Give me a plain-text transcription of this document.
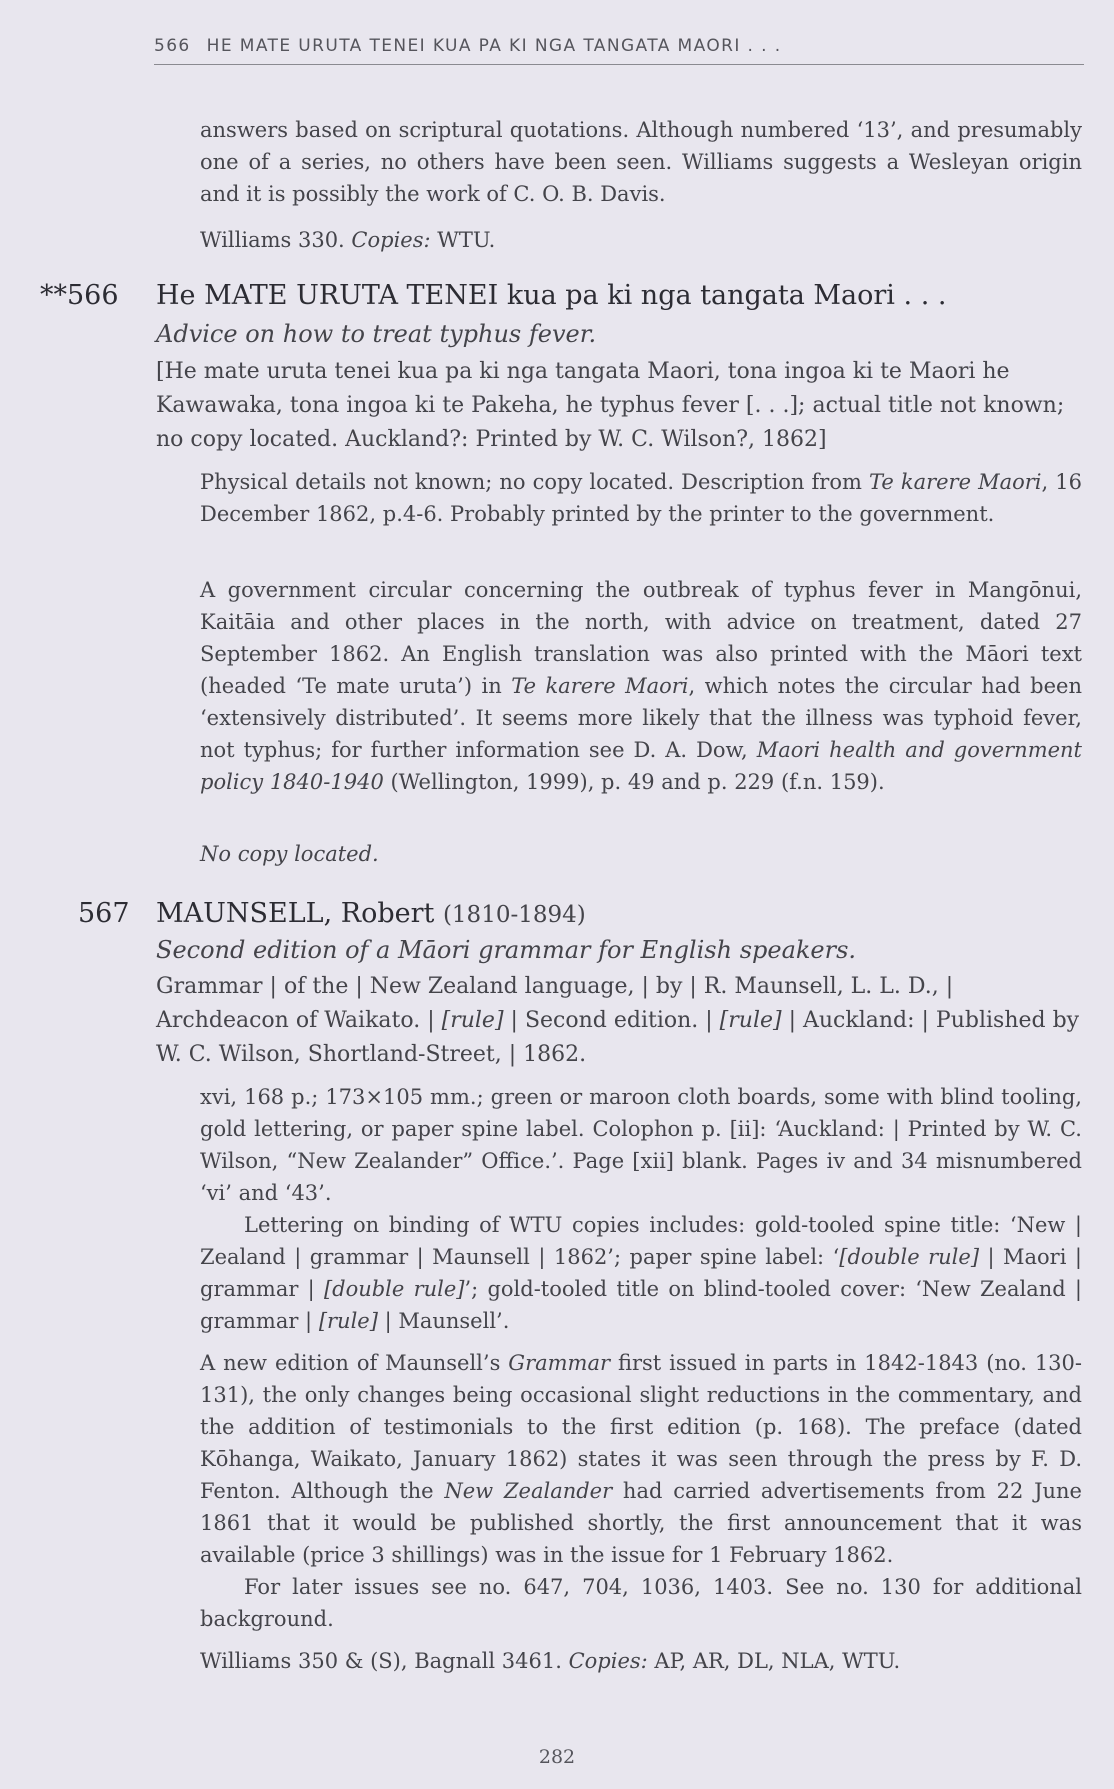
566 HE MATE URUTA TENEI KUA PA KI NGA TANGATA MAORI . . .
answers based on scriptural quotations. Although numbered ‘13’, and presumably one of a series, no others have been seen. Williams suggests a Wesleyan origin and it is possibly the work of C. O. B. Davis.
Williams 330. Copies: WTU.
**566 He MATE URUTA TENEI kua pa ki nga tangata Maori . . .
Advice on how to treat typhus fever.
[He mate uruta tenei kua pa ki nga tangata Maori, tona ingoa ki te Maori he Kawawaka, tona ingoa ki te Pakeha, he typhus fever [. . .]; actual title not known; no copy located. Auckland?: Printed by W. C. Wilson?, 1862]
Physical details not known; no copy located. Description from Te karere Maori, 16 December 1862, p.4-6. Probably printed by the printer to the government.
A government circular concerning the outbreak of typhus fever in Mangōnui, Kaitāia and other places in the north, with advice on treatment, dated 27 September 1862. An English translation was also printed with the Māori text (headed ‘Te mate uruta’) in Te karere Maori, which notes the circular had been ‘extensively distributed’. It seems more likely that the illness was typhoid fever, not typhus; for further information see D. A. Dow, Maori health and government policy 1840-1940 (Wellington, 1999), p. 49 and p. 229 (f.n. 159).
No copy located.
567 MAUNSELL, Robert (1810-1894)
Second edition of a Māori grammar for English speakers.
Grammar | of the | New Zealand language, | by | R. Maunsell, L. L. D., | Archdeacon of Waikato. | [rule] | Second edition. | [rule] | Auckland: | Published by W. C. Wilson, Shortland-Street, | 1862.
xvi, 168 p.; 173×105 mm.; green or maroon cloth boards, some with blind tooling, gold lettering, or paper spine label. Colophon p. [ii]: ‘Auckland: | Printed by W. C. Wilson, “New Zealander” Office.’. Page [xii] blank. Pages iv and 34 misnumbered ‘vi’ and ‘43’.
Lettering on binding of WTU copies includes: gold-tooled spine title: ‘New | Zealand | grammar | Maunsell | 1862’; paper spine label: ‘[double rule] | Maori | grammar | [double rule]’; gold-tooled title on blind-tooled cover: ‘New Zealand | grammar | [rule] | Maunsell’.
A new edition of Maunsell’s Grammar first issued in parts in 1842-1843 (no. 130-131), the only changes being occasional slight reductions in the commentary, and the addition of testimonials to the first edition (p. 168). The preface (dated Kōhanga, Waikato, January 1862) states it was seen through the press by F. D. Fenton. Although the New Zealander had carried advertisements from 22 June 1861 that it would be published shortly, the first announcement that it was available (price 3 shillings) was in the issue for 1 February 1862.
For later issues see no. 647, 704, 1036, 1403. See no. 130 for additional background.
Williams 350 & (S), Bagnall 3461. Copies: AP, AR, DL, NLA, WTU.
282
